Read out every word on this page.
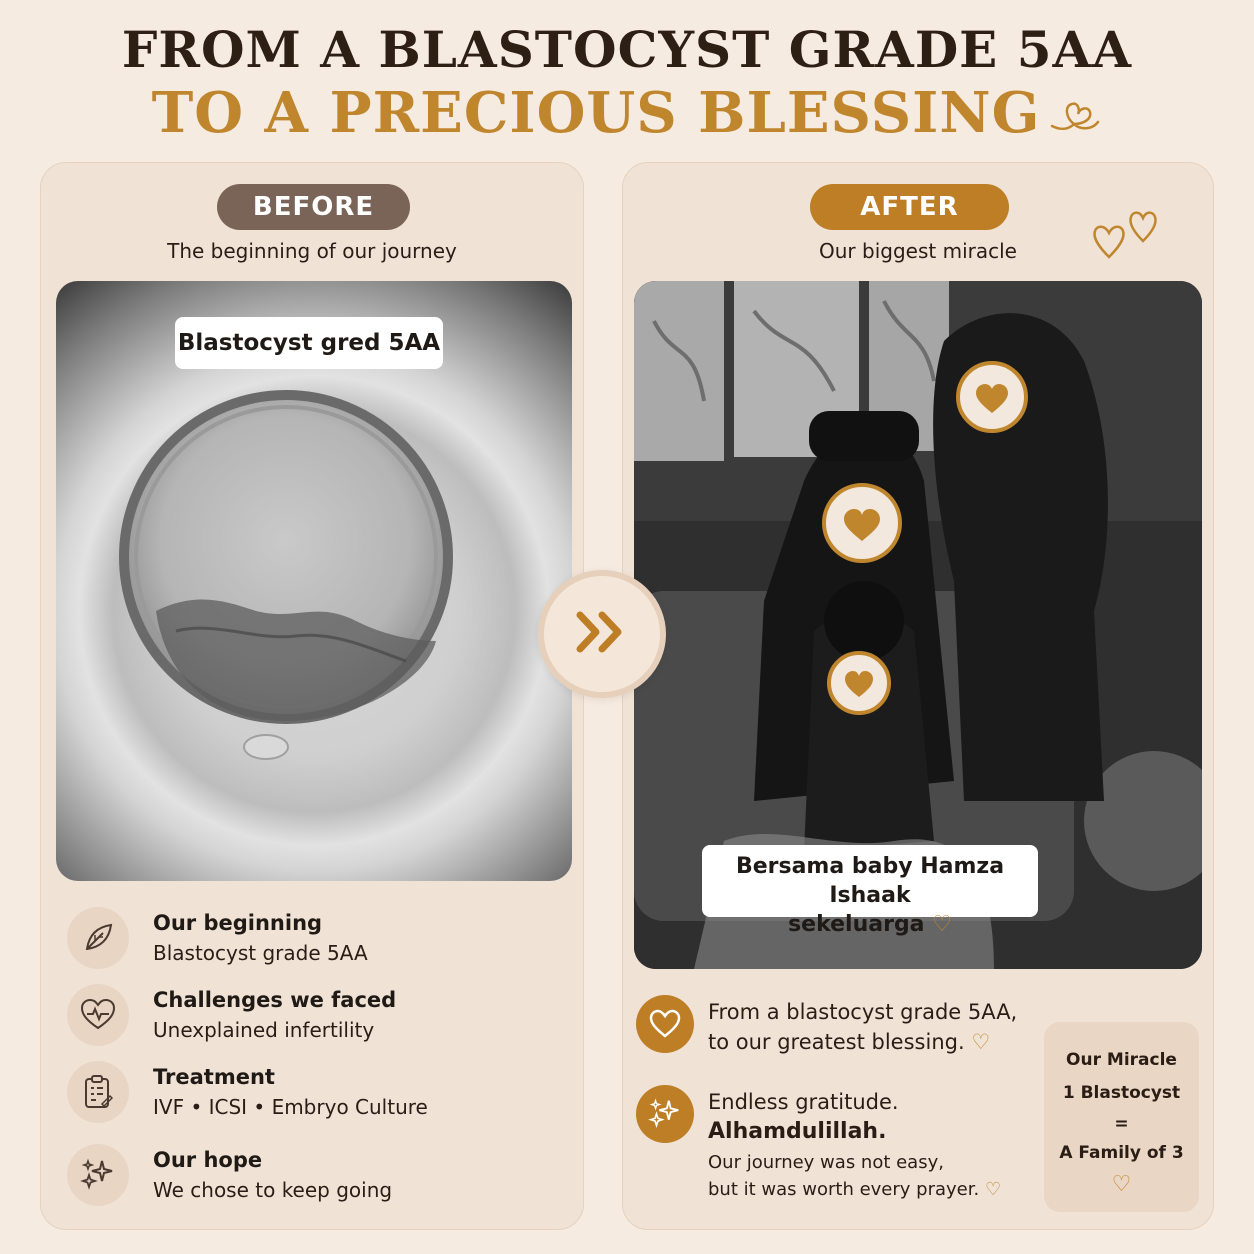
FROM A BLASTOCYST GRADE 5AA
TO A PRECIOUS BLESSING
BEFORE
The beginning of our journey
Blastocyst gred 5AA
Our beginning
Blastocyst grade 5AA
Challenges we faced
Unexplained infertility
Treatment
IVF • ICSI • Embryo Culture
Our hope
We chose to keep going
AFTER
Our biggest miracle
Bersama baby Hamza Ishaak
sekeluarga ♡
From a blastocyst grade 5AA,
to our greatest blessing. ♡
Endless gratitude.
Alhamdulillah.
Our journey was not easy,
but it was worth every prayer. ♡
Our Miracle
1 Blastocyst
=
A Family of 3
♡
